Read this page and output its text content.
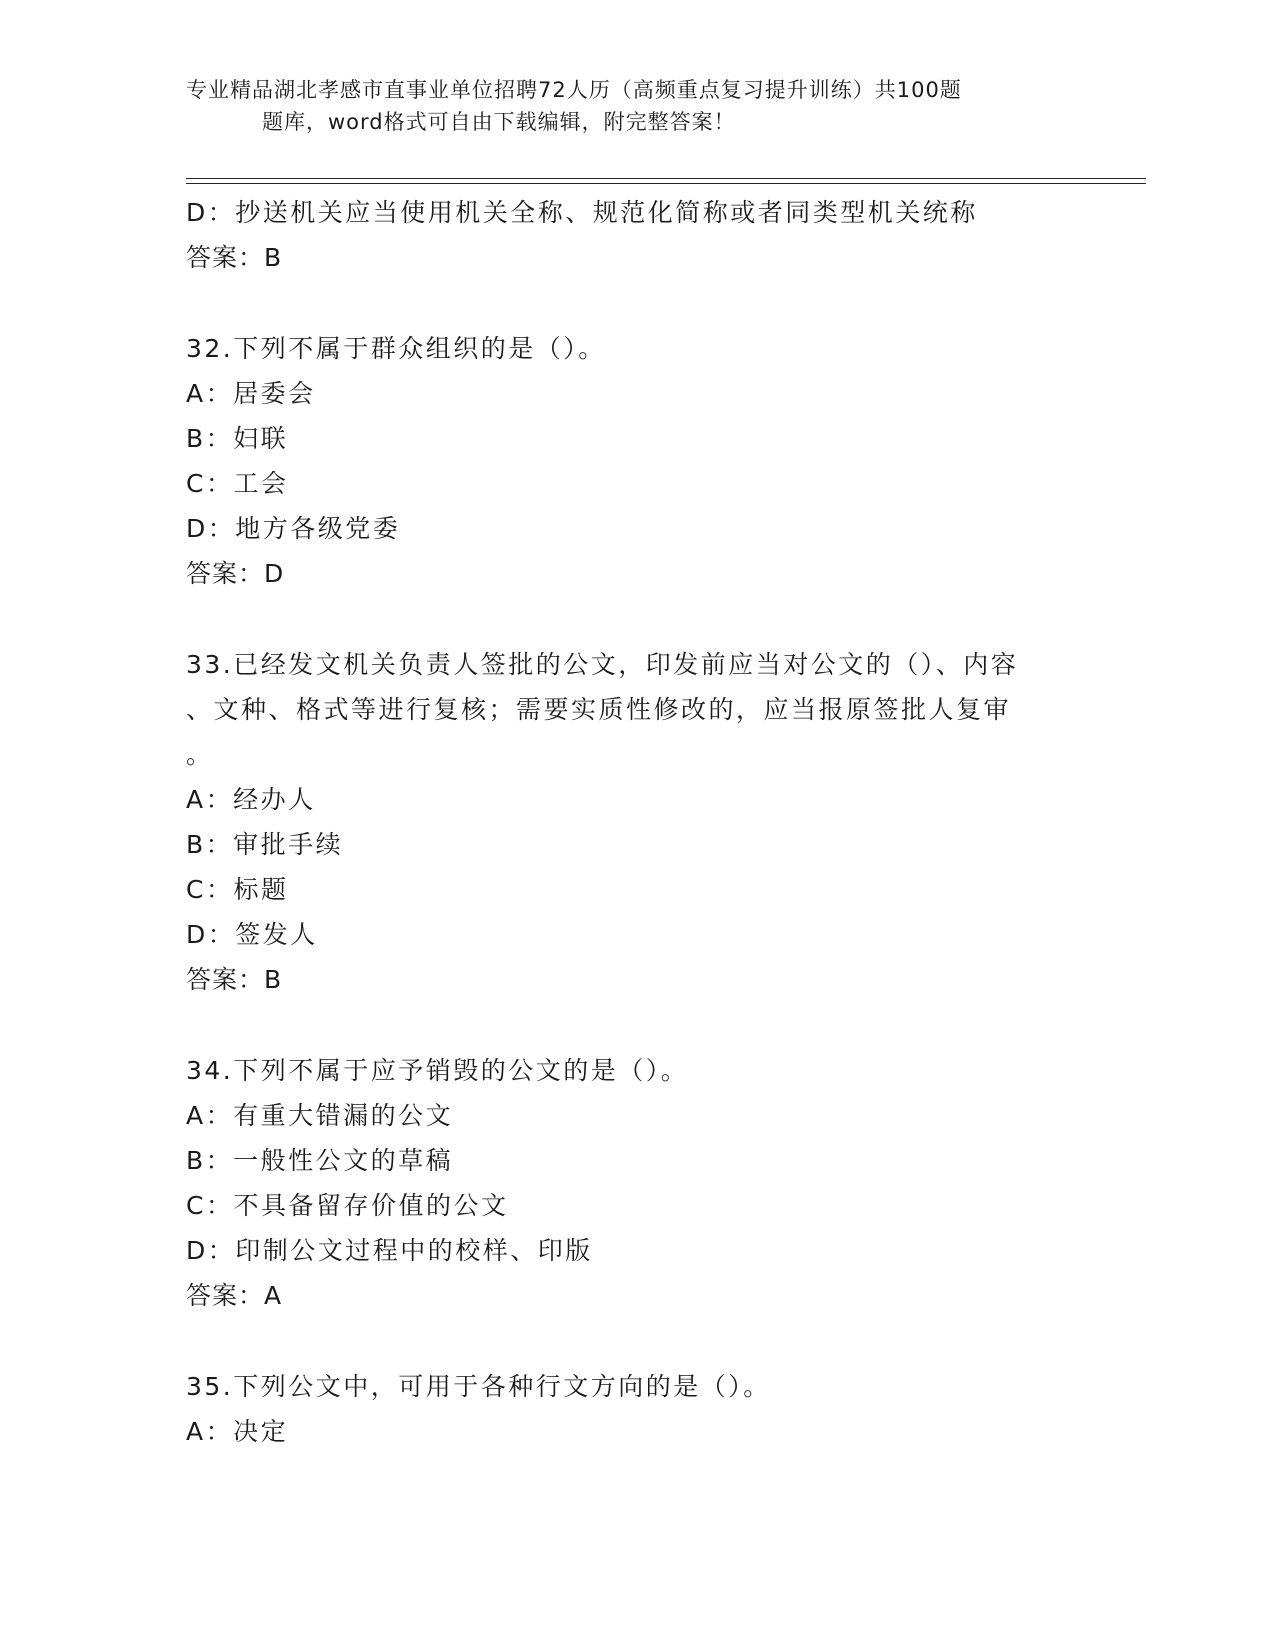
专业精品湖北孝感市直事业单位招聘72人历（高频重点复习提升训练）共100题
题库，word格式可自由下载编辑，附完整答案！
D：抄送机关应当使用机关全称、规范化简称或者同类型机关统称
答案：B
32.下列不属于群众组织的是（）。
A：居委会
B：妇联
C：工会
D：地方各级党委
答案：D
33.已经发文机关负责人签批的公文，印发前应当对公文的（）、内容
、文种、格式等进行复核；需要实质性修改的，应当报原签批人复审
。
A：经办人
B：审批手续
C：标题
D：签发人
答案：B
34.下列不属于应予销毁的公文的是（）。
A：有重大错漏的公文
B：一般性公文的草稿
C：不具备留存价值的公文
D：印制公文过程中的校样、印版
答案：A
35.下列公文中，可用于各种行文方向的是（）。
A：决定
